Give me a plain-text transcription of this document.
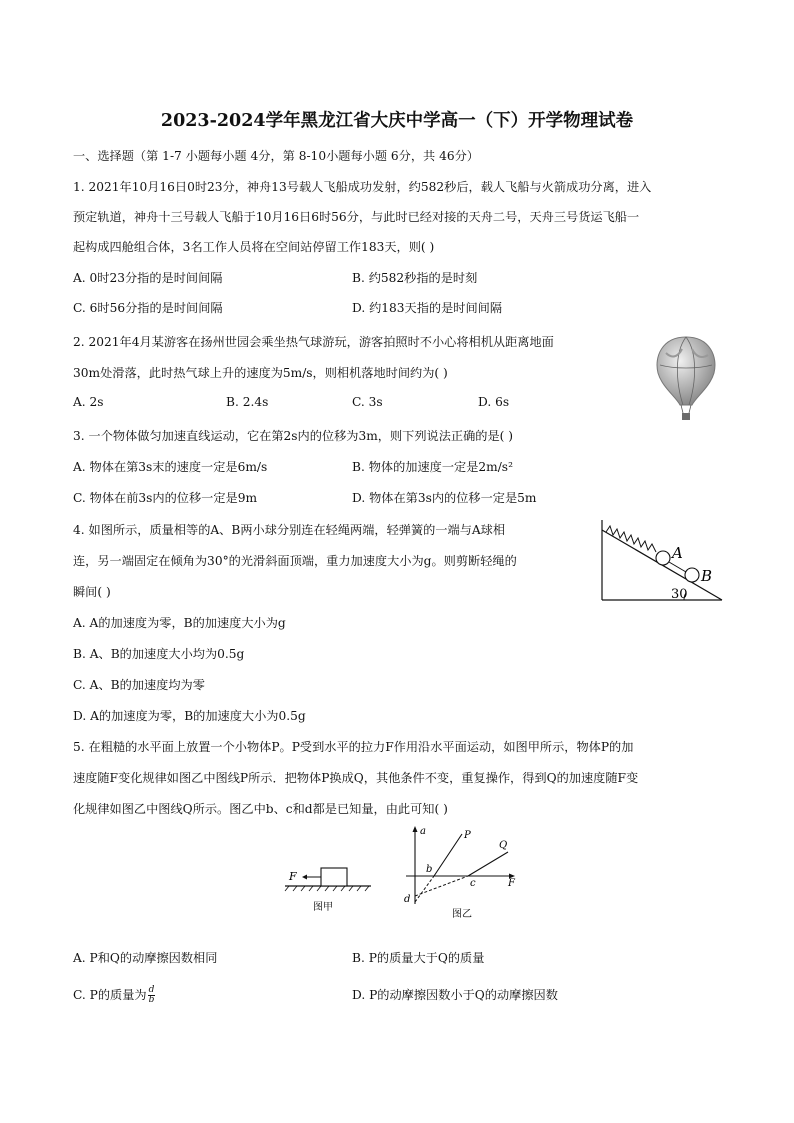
2023-2024学年黑龙江省大庆中学高一（下）开学物理试卷
一、选择题（第 1-7 小题每小题 4分，第 8-10小题每小题 6分，共 46分）
1. 2021年10月16日0时23分，神舟13号载人飞船成功发射，约582秒后，载人飞船与火箭成功分离，进入
预定轨道，神舟十三号载人飞船于10月16日6时56分，与此时已经对接的天舟二号，天舟三号货运飞船一
起构成四舱组合体，3名工作人员将在空间站停留工作183天，则( )
A. 0时23分指的是时间间隔	B. 约582秒指的是时刻
C. 6时56分指的是时间间隔	D. 约183天指的是时间间隔
2. 2021年4月某游客在扬州世园会乘坐热气球游玩，游客拍照时不小心将相机从距离地面
30m处滑落，此时热气球上升的速度为5m/s，则相机落地时间约为( )
A. 2s	B. 2.4s	C. 3s	D. 6s
3. 一个物体做匀加速直线运动，它在第2s内的位移为3m，则下列说法正确的是( )
A. 物体在第3s末的速度一定是6m/s	B. 物体的加速度一定是2m/s²
C. 物体在前3s内的位移一定是9m	D. 物体在第3s内的位移一定是5m
4. 如图所示，质量相等的A、B两小球分别连在轻绳两端，轻弹簧的一端与A球相
连，另一端固定在倾角为30°的光滑斜面顶端，重力加速度大小为g。则剪断轻绳的
瞬间( )
A. A的加速度为零，B的加速度大小为g
B. A、B的加速度大小均为0.5g
C. A、B的加速度均为零
D. A的加速度为零，B的加速度大小为0.5g
A
B
30
5. 在粗糙的水平面上放置一个小物体P。P受到水平的拉力F作用沿水平面运动，如图甲所示，物体P的加
速度随F变化规律如图乙中图线P所示．把物体P换成Q，其他条件不变，重复操作，得到Q的加速度随F变
化规律如图乙中图线Q所示。图乙中b、c和d都是已知量，由此可知( )
F
图甲
a
F
P
Q
b
c
d
图乙
A. P和Q的动摩擦因数相同	B. P的质量大于Q的质量
C. P的质量为 $\frac{d}{b}$	D. P的动摩擦因数小于Q的动摩擦因数
